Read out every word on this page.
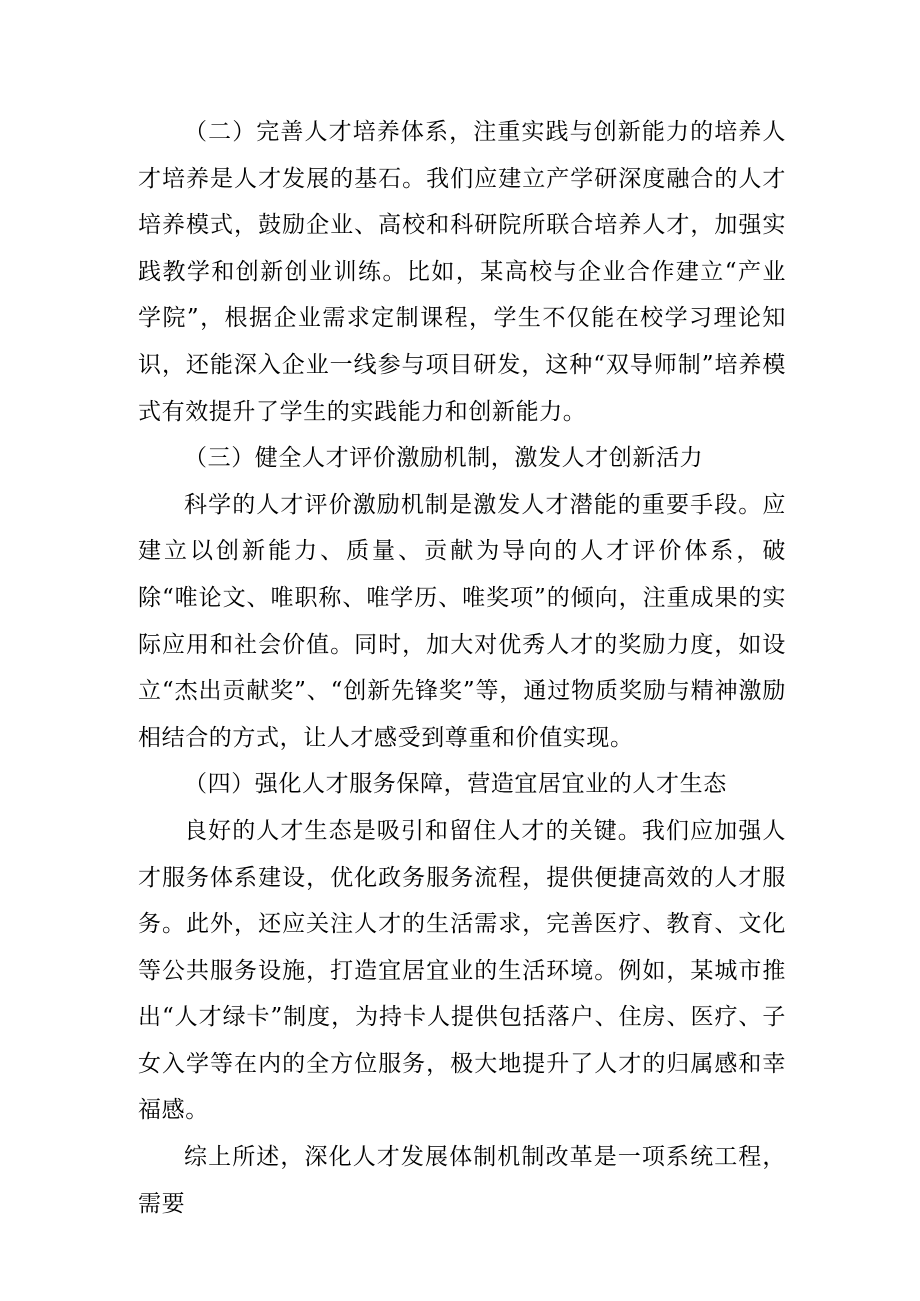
（二）完善人才培养体系，注重实践与创新能力的培养人才培养是人才发展的基石。我们应建立产学研深度融合的人才培养模式，鼓励企业、高校和科研院所联合培养人才，加强实践教学和创新创业训练。比如，某高校与企业合作建立“产业学院”，根据企业需求定制课程，学生不仅能在校学习理论知识，还能深入企业一线参与项目研发，这种“双导师制”培养模式有效提升了学生的实践能力和创新能力。

（三）健全人才评价激励机制，激发人才创新活力

科学的人才评价激励机制是激发人才潜能的重要手段。应建立以创新能力、质量、贡献为导向的人才评价体系，破除“唯论文、唯职称、唯学历、唯奖项”的倾向，注重成果的实际应用和社会价值。同时，加大对优秀人才的奖励力度，如设立“杰出贡献奖”、“创新先锋奖”等，通过物质奖励与精神激励相结合的方式，让人才感受到尊重和价值实现。

（四）强化人才服务保障，营造宜居宜业的人才生态

良好的人才生态是吸引和留住人才的关键。我们应加强人才服务体系建设，优化政务服务流程，提供便捷高效的人才服务。此外，还应关注人才的生活需求，完善医疗、教育、文化等公共服务设施，打造宜居宜业的生活环境。例如，某城市推出“人才绿卡”制度，为持卡人提供包括落户、住房、医疗、子女入学等在内的全方位服务，极大地提升了人才的归属感和幸福感。

综上所述，深化人才发展体制机制改革是一项系统工程，需要
